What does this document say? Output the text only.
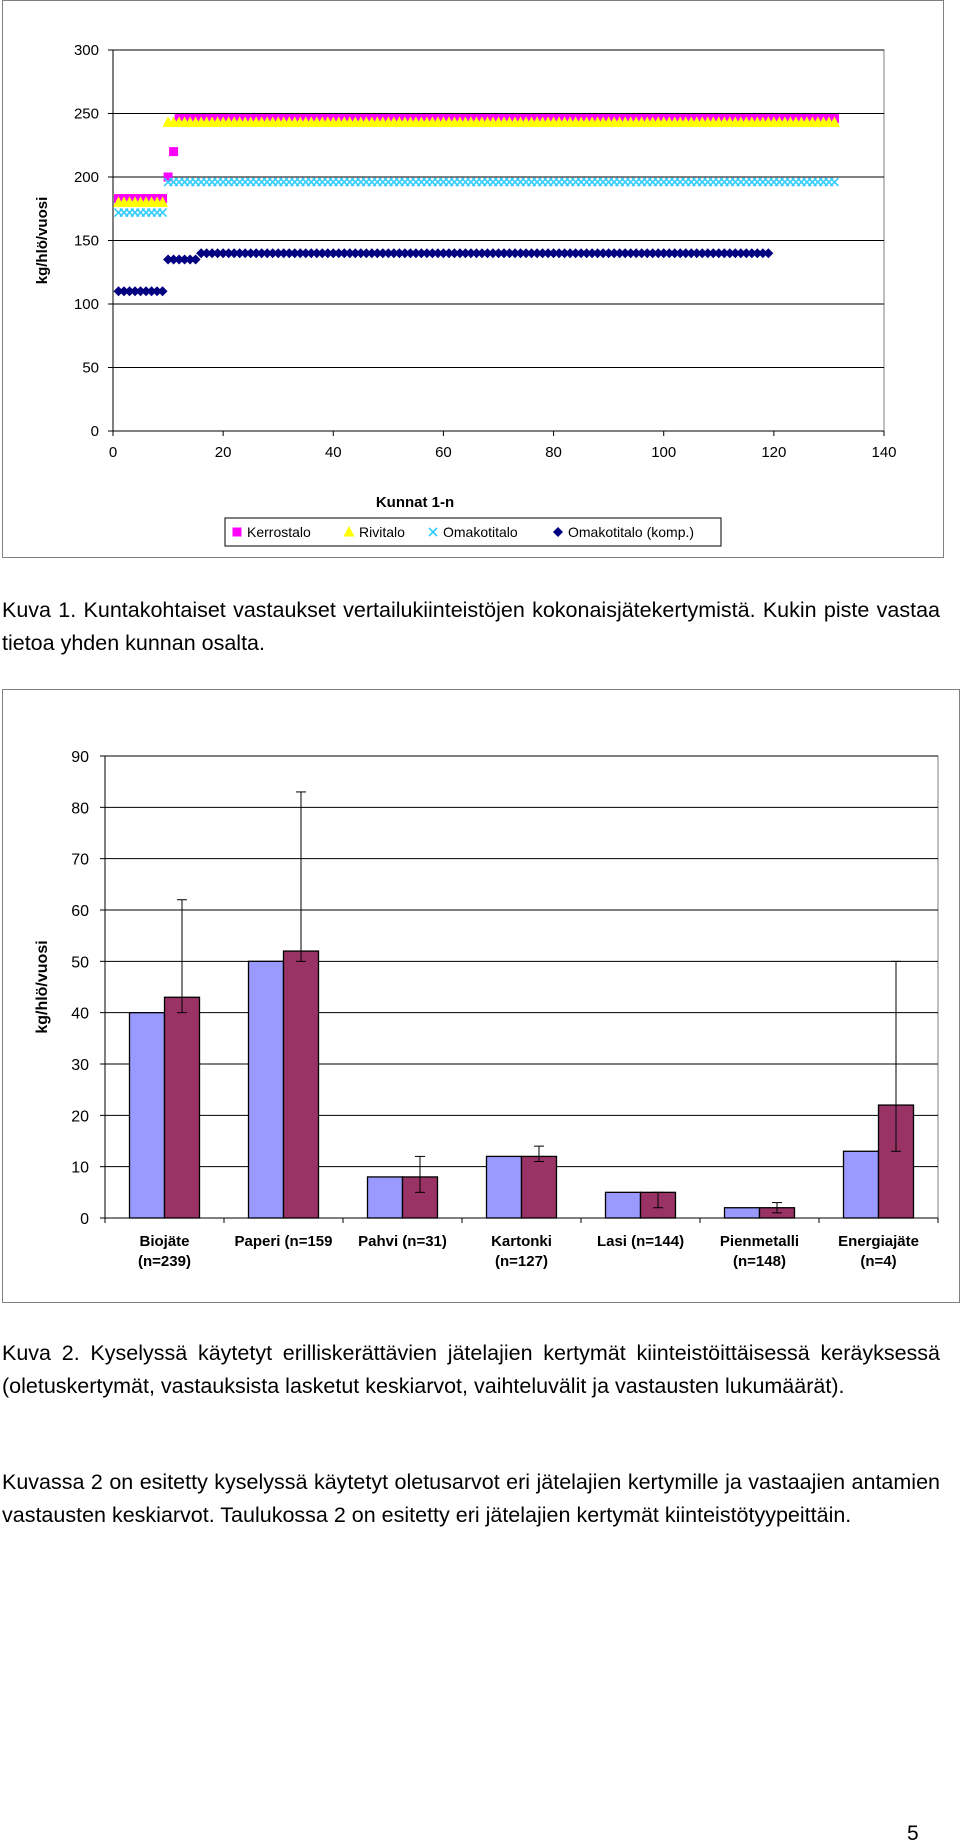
0
50
100
150
200
250
300
0	20	40	60	80	100	120	140
kg/hlö/vuosi
Kunnat 1-n
Kerrostalo	Rivitalo	Omakotitalo	Omakotitalo (komp.)
Kuva 1. Kuntakohtaiset vastaukset vertailukiinteistöjen kokonaisjätekertymistä. Kukin piste vastaa tietoa yhden kunnan osalta.
0
10
20
30
40
50
60
70
80
90
kg/hlö/vuosi
Biojäte
(n=239)
Paperi (n=159 Pahvi (n=31)	Kartonki
(n=127)
Lasi (n=144) Pienmetalli
(n=148)
Energiajäte
(n=4)
Kuva 2. Kyselyssä käytetyt erilliskerättävien jätelajien kertymät kiinteistöittäisessä keräyksessä (oletuskertymät, vastauksista lasketut keskiarvot, vaihteluvälit ja vastausten lukumäärät).
Kuvassa 2 on esitetty kyselyssä käytetyt oletusarvot eri jätelajien kertymille ja vastaajien antamien vastausten keskiarvot. Taulukossa 2 on esitetty eri jätelajien kertymät kiinteistötyypeittäin.
5
